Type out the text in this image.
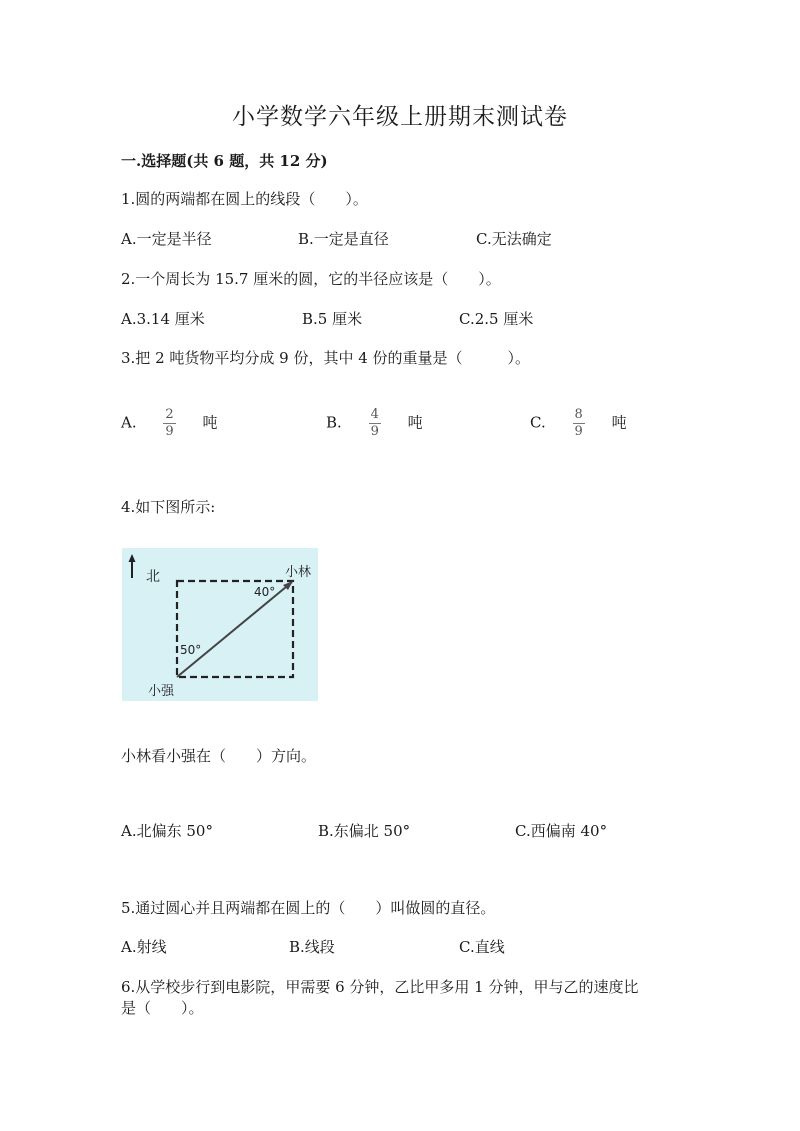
小学数学六年级上册期末测试卷
一.选择题(共 6 题，共 12 分)
1.圆的两端都在圆上的线段（　　）。
A.一定是半径	B.一定是直径	C.无法确定
2.一个周长为 15.7 厘米的圆，它的半径应该是（　　）。
A.3.14 厘米	B.5 厘米	C.2.5 厘米
3.把 2 吨货物平均分成 9 份，其中 4 份的重量是（　　　）。
A. $\frac{2}{9}$ 吨	B. $\frac{4}{9}$ 吨	C. $\frac{8}{9}$ 吨
4.如下图所示:
北	小林
小强
40°
50°
小林看小强在（　　）方向。
A.北偏东 50°	B.东偏北 50°	C.西偏南 40°
5.通过圆心并且两端都在圆上的（　　）叫做圆的直径。
A.射线	B.线段	C.直线
6.从学校步行到电影院，甲需要 6 分钟，乙比甲多用 1 分钟，甲与乙的速度比
是（　　）。
